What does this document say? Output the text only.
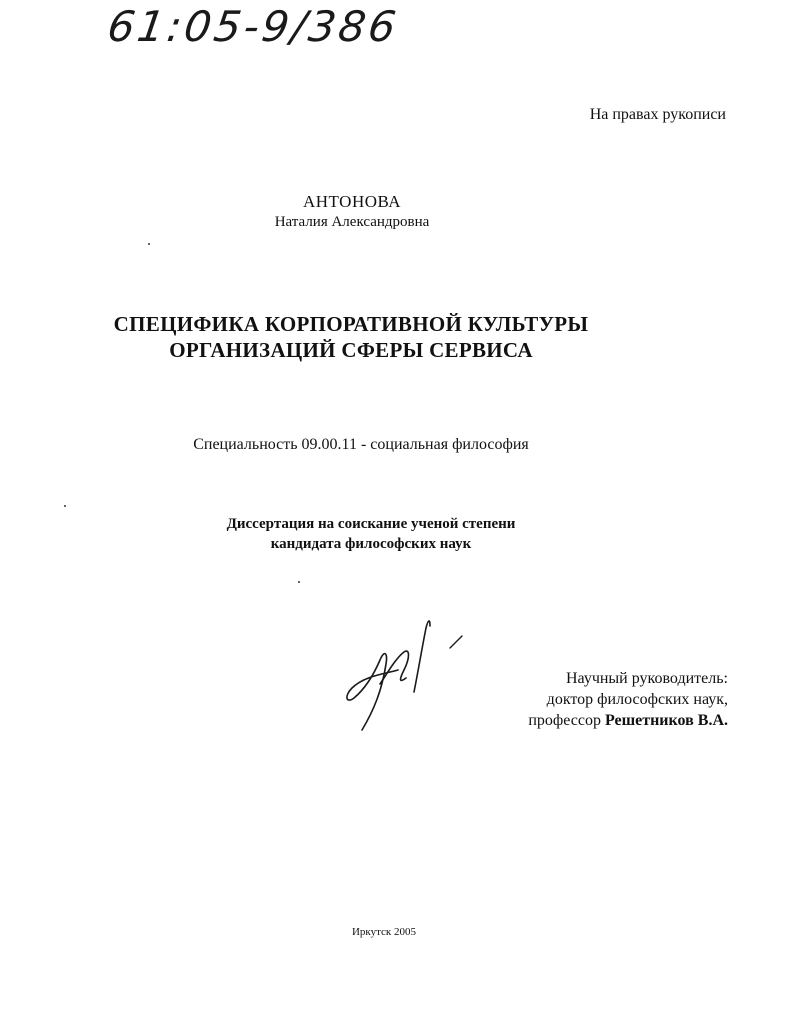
61:05-9/386
На правах рукописи
АНТОНОВА
Наталия Александровна
СПЕЦИФИКА КОРПОРАТИВНОЙ КУЛЬТУРЫ
ОРГАНИЗАЦИЙ СФЕРЫ СЕРВИСА
Специальность 09.00.11 - социальная философия
Диссертация на соискание ученой степени
кандидата философских наук
Научный руководитель:
доктор философских наук,
профессор Решетников В.А.
Иркутск 2005
